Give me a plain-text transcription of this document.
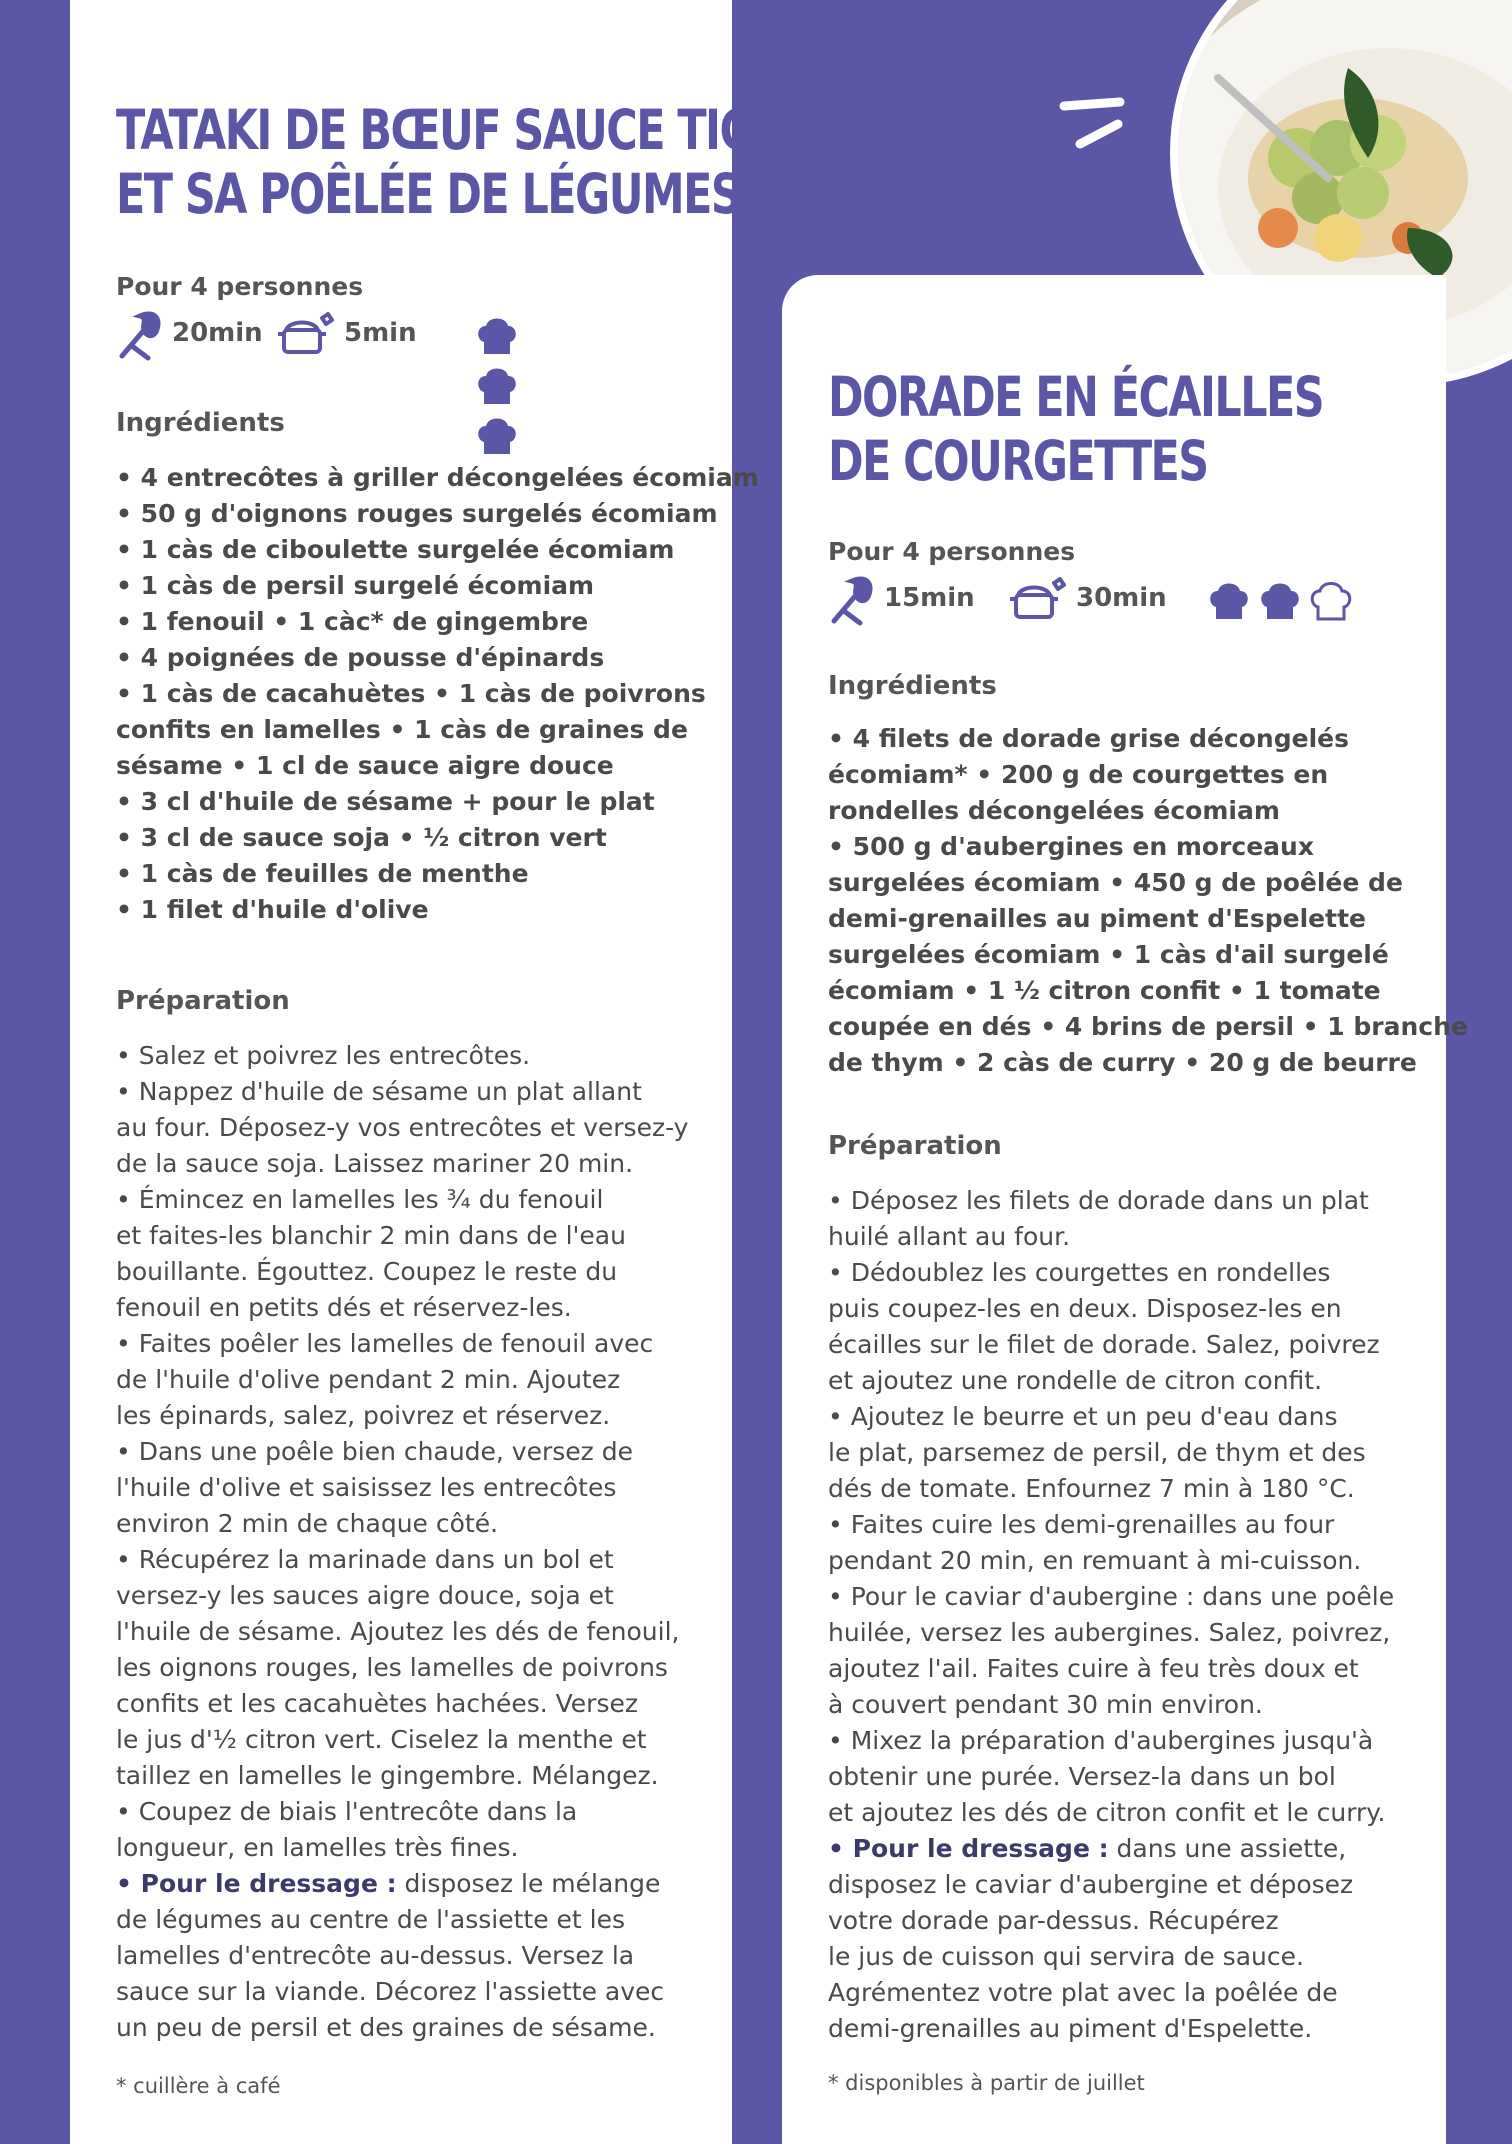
TATAKI DE BŒUF SAUCE TIGRE
ET SA POÊLÉE DE LÉGUMES
Pour 4 personnes
20min	5min

Ingrédients

• 4 entrecôtes à griller décongelées écomiam

• 50 g d'oignons rouges surgelés écomiam

• 1 càs de ciboulette surgelée écomiam

• 1 càs de persil surgelé écomiam

• 1 fenouil • 1 càc* de gingembre

• 4 poignées de pousse d'épinards

• 1 càs de cacahuètes • 1 càs de poivrons

confits en lamelles • 1 càs de graines de

sésame • 1 cl de sauce aigre douce

• 3 cl d'huile de sésame + pour le plat

• 3 cl de sauce soja • ½ citron vert

• 1 càs de feuilles de menthe

• 1 filet d'huile d'olive

Préparation

• Salez et poivrez les entrecôtes.

• Nappez d'huile de sésame un plat allant

au four. Déposez-y vos entrecôtes et versez-y

de la sauce soja. Laissez mariner 20 min.

• Émincez en lamelles les ¾ du fenouil

et faites-les blanchir 2 min dans de l'eau

bouillante. Égouttez. Coupez le reste du

fenouil en petits dés et réservez-les.

• Faites poêler les lamelles de fenouil avec

de l'huile d'olive pendant 2 min. Ajoutez

les épinards, salez, poivrez et réservez.

• Dans une poêle bien chaude, versez de

l'huile d'olive et saisissez les entrecôtes

environ 2 min de chaque côté.

• Récupérez la marinade dans un bol et

versez-y les sauces aigre douce, soja et

l'huile de sésame. Ajoutez les dés de fenouil,

les oignons rouges, les lamelles de poivrons

confits et les cacahuètes hachées. Versez

le jus d'½ citron vert. Ciselez la menthe et

taillez en lamelles le gingembre. Mélangez.

• Coupez de biais l'entrecôte dans la

longueur, en lamelles très fines.

• Pour le dressage : disposez le mélange

de légumes au centre de l'assiette et les

lamelles d'entrecôte au-dessus. Versez la

sauce sur la viande. Décorez l'assiette avec

un peu de persil et des graines de sésame.

* cuillère à café
DORADE EN ÉCAILLES
DE COURGETTES
Pour 4 personnes
15min	30min

Ingrédients

• 4 filets de dorade grise décongelés

écomiam* • 200 g de courgettes en

rondelles décongelées écomiam

• 500 g d'aubergines en morceaux

surgelées écomiam • 450 g de poêlée de

demi-grenailles au piment d'Espelette

surgelées écomiam • 1 càs d'ail surgelé

écomiam • 1 ½ citron confit • 1 tomate

coupée en dés • 4 brins de persil • 1 branche

de thym • 2 càs de curry • 20 g de beurre

Préparation

• Déposez les filets de dorade dans un plat

huilé allant au four.

• Dédoublez les courgettes en rondelles

puis coupez-les en deux. Disposez-les en

écailles sur le filet de dorade. Salez, poivrez

et ajoutez une rondelle de citron confit.

• Ajoutez le beurre et un peu d'eau dans

le plat, parsemez de persil, de thym et des

dés de tomate. Enfournez 7 min à 180 °C.

• Faites cuire les demi-grenailles au four

pendant 20 min, en remuant à mi-cuisson.

• Pour le caviar d'aubergine : dans une poêle

huilée, versez les aubergines. Salez, poivrez,

ajoutez l'ail. Faites cuire à feu très doux et

à couvert pendant 30 min environ.

• Mixez la préparation d'aubergines jusqu'à

obtenir une purée. Versez-la dans un bol

et ajoutez les dés de citron confit et le curry.

• Pour le dressage : dans une assiette,

disposez le caviar d'aubergine et déposez

votre dorade par-dessus. Récupérez

le jus de cuisson qui servira de sauce.

Agrémentez votre plat avec la poêlée de

demi-grenailles au piment d'Espelette.

* disponibles à partir de juillet
